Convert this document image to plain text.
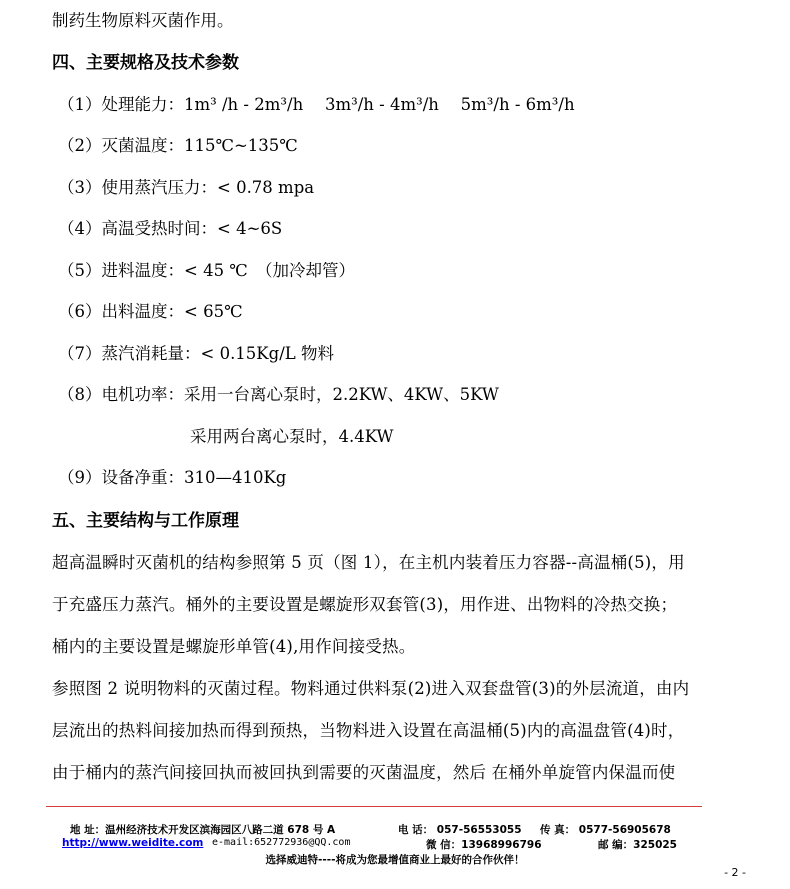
制药生物原料灭菌作用。
四、主要规格及技术参数
（1）处理能力：1m³ /h - 2m³/h　 3m³/h - 4m³/h　 5m³/h - 6m³/h
（2）灭菌温度：115℃~135℃
（3）使用蒸汽压力：< 0.78 mpa
（4）高温受热时间：< 4~6S
（5）进料温度：< 45 ℃　（加冷却管）
（6）出料温度：< 65℃
（7）蒸汽消耗量：< 0.15Kg/L 物料
（8）电机功率：采用一台离心泵时，2.2KW、4KW、5KW
采用两台离心泵时，4.4KW
（9）设备净重：310—410Kg
五、主要结构与工作原理
超高温瞬时灭菌机的结构参照第 5 页（图 1），在主机内装着压力容器--高温桶(5)，用
于充盛压力蒸汽。桶外的主要设置是螺旋形双套管(3)，用作进、出物料的冷热交换；
桶内的主要设置是螺旋形单管(4),用作间接受热。
参照图 2 说明物料的灭菌过程。物料通过供料泵(2)进入双套盘管(3)的外层流道，由内
层流出的热料间接加热而得到预热，当物料进入设置在高温桶(5)内的高温盘管(4)时，
由于桶内的蒸汽间接回执而被回执到需要的灭菌温度，然后 在桶外单旋管内保温而使
地 址：温州经济技术开发区滨海园区八路二道 678 号 A	电 话： 057-56553055 传 真： 0577-56905678
http://www.weidite.com e-mail:652772936@QQ.com	微 信：13968996796	邮 编：325025
选择威迪特----将成为您最增值商业上最好的合作伙伴！
- 2 -
